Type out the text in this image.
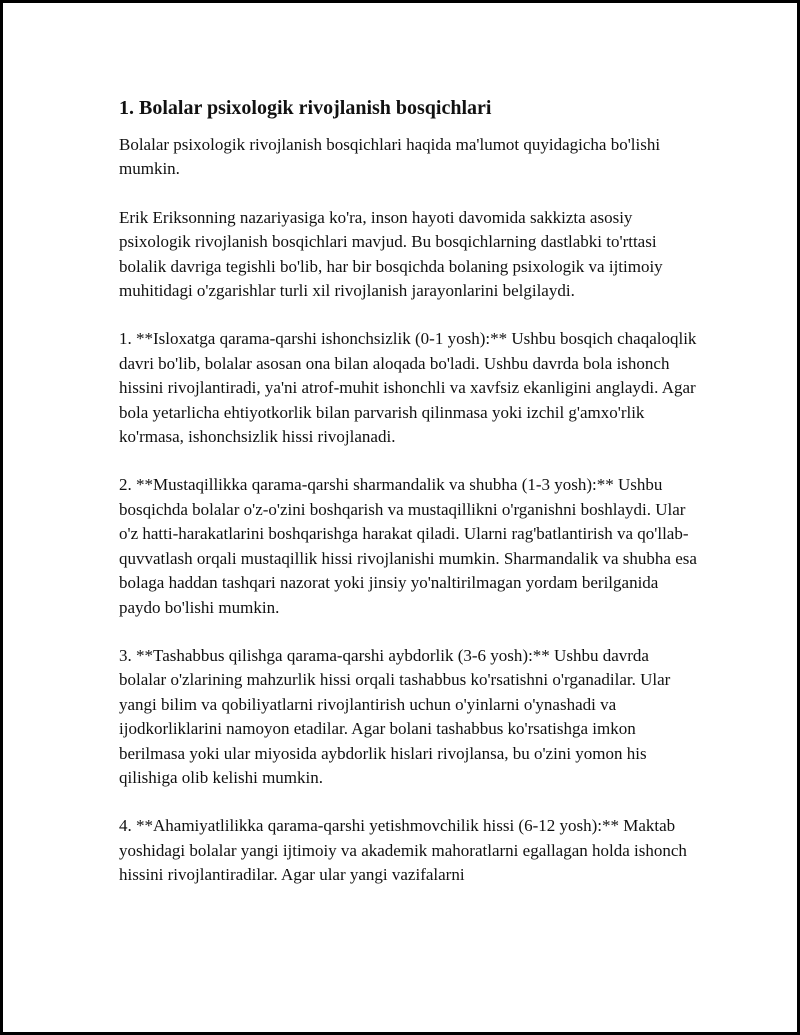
1. Bolalar psixologik rivojlanish bosqichlari

Bolalar psixologik rivojlanish bosqichlari haqida ma'lumot quyidagicha bo'lishi mumkin.

Erik Eriksonning nazariyasiga ko'ra, inson hayoti davomida sakkizta asosiy psixologik rivojlanish bosqichlari mavjud. Bu bosqichlarning dastlabki to'rttasi bolalik davriga tegishli bo'lib, har bir bosqichda bolaning psixologik va ijtimoiy muhitidagi o'zgarishlar turli xil rivojlanish jarayonlarini belgilaydi.

1. **Isloxatga qarama-qarshi ishonchsizlik (0-1 yosh):** Ushbu bosqich chaqaloqlik davri bo'lib, bolalar asosan ona bilan aloqada bo'ladi. Ushbu davrda bola ishonch hissini rivojlantiradi, ya'ni atrof-muhit ishonchli va xavfsiz ekanligini anglaydi. Agar bola yetarlicha ehtiyotkorlik bilan parvarish qilinmasa yoki izchil g'amxo'rlik ko'rmasa, ishonchsizlik hissi rivojlanadi.

2. **Mustaqillikka qarama-qarshi sharmandalik va shubha (1-3 yosh):** Ushbu bosqichda bolalar o'z-o'zini boshqarish va mustaqillikni o'rganishni boshlaydi. Ular o'z hatti-harakatlarini boshqarishga harakat qiladi. Ularni rag'batlantirish va qo'llab-quvvatlash orqali mustaqillik hissi rivojlanishi mumkin. Sharmandalik va shubha esa bolaga haddan tashqari nazorat yoki jinsiy yo'naltirilmagan yordam berilganida paydo bo'lishi mumkin.

3. **Tashabbus qilishga qarama-qarshi aybdorlik (3-6 yosh):** Ushbu davrda bolalar o'zlarining mahzurlik hissi orqali tashabbus ko'rsatishni o'rganadilar. Ular yangi bilim va qobiliyatlarni rivojlantirish uchun o'yinlarni o'ynashadi va ijodkorliklarini namoyon etadilar. Agar bolani tashabbus ko'rsatishga imkon berilmasa yoki ular miyosida aybdorlik hislari rivojlansa, bu o'zini yomon his qilishiga olib kelishi mumkin.

4. **Ahamiyatlilikka qarama-qarshi yetishmovchilik hissi (6-12 yosh):** Maktab yoshidagi bolalar yangi ijtimoiy va akademik mahoratlarni egallagan holda ishonch hissini rivojlantiradilar. Agar ular yangi vazifalarni
